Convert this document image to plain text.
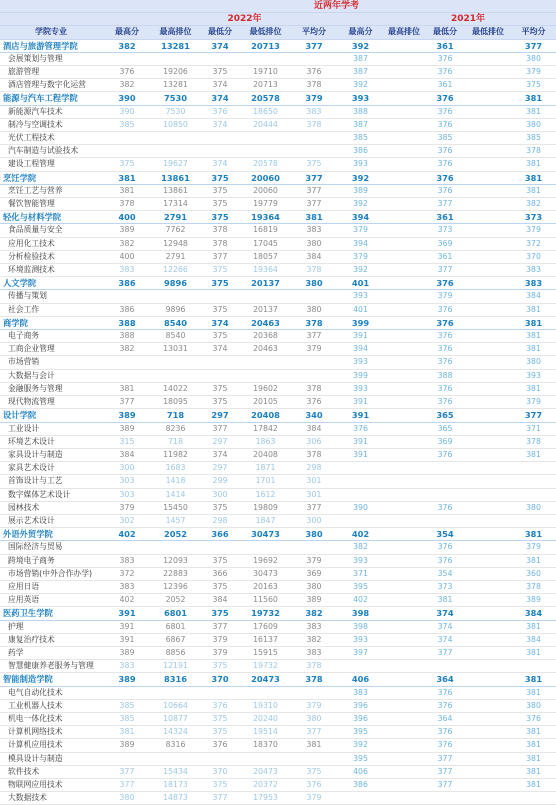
					近两年学考					
			2022年					2021年		
学院专业	最高分	最高排位	最低分	最低排位	平均分	最高分	最高排位	最低分	最低排位	平均分
酒店与旅游管理学院	382	13281	374	20713	377	392		361		377
会展策划与管理						387		376		380
旅游管理	376	19206	375	19710	376	387		376		379
酒店管理与数字化运营	382	13281	374	20713	378	392		361		375
能源与汽车工程学院	390	7530	374	20578	379	393		376		381
新能源汽车技术	390	7530	376	18650	383	388		376		381
制冷与空调技术	385	10850	374	20444	378	387		376		380
光伏工程技术						385		385		385
汽车制造与试验技术						386		376		378
建设工程管理	375	19627	374	20578	375	393		376		381
烹饪学院	381	13861	375	20060	377	392		376		381
烹饪工艺与营养	381	13861	375	20060	377	389		376		381
餐饮智能管理	378	17314	375	19779	377	392		377		382
轻化与材料学院	400	2791	375	19364	381	394		361		373
食品质量与安全	389	7762	378	16819	383	379		373		379
应用化工技术	382	12948	378	17045	380	394		369		372
分析检验技术	400	2791	377	18057	384	379		361		370
环境监测技术	383	12266	375	19364	378	392		377		383
人文学院	386	9896	375	20137	380	401		376		383
传播与策划						393		379		384
社会工作	386	9896	375	20137	380	401		376		381
商学院	388	8540	374	20463	378	399		376		381
电子商务	388	8540	375	20368	377	391		376		381
工商企业管理	382	13031	374	20463	379	394		376		381
市场营销						393		376		380
大数据与会计						399		388		393
金融服务与管理	381	14022	375	19602	378	393		376		381
现代物流管理	377	18095	375	20105	376	391		376		379
设计学院	389	718	297	20408	340	391		365		377
工业设计	389	8236	377	17842	384	376		365		371
环境艺术设计	315	718	297	1863	306	391		369		378
家具设计与制造	384	11982	374	20408	378	391		376		381
家具艺术设计	300	1683	297	1871	298					
首饰设计与工艺	303	1418	299	1701	301					
数字媒体艺术设计	303	1414	300	1612	301					
园林技术	379	15450	375	19809	377	390		376		380
展示艺术设计	302	1457	298	1847	300					
外语外贸学院	402	2052	366	30473	380	402		354		381
国际经济与贸易						382		376		379
跨境电子商务	383	12093	375	19692	379	393		376		381
市场营销(中外合作办学)	372	22883	366	30473	369	371		354		360
应用日语	383	12396	375	20163	380	395		373		378
应用英语	402	2052	384	11560	389	402		381		389
医药卫生学院	391	6801	375	19732	382	398		374		384
护理	391	6801	377	17609	383	398		374		381
康复治疗技术	391	6867	379	16137	382	393		374		384
药学	389	8856	379	15915	383	397		377		381
智慧健康养老服务与管理	383	12191	375	19732	378					
智能制造学院	389	8316	370	20473	378	406		364		381
电气自动化技术						383		376		381
工业机器人技术	385	10664	376	19310	379	396		376		380
机电一体化技术	385	10877	375	20240	380	396		364		376
计算机网络技术	381	14324	375	19514	377	395		376		381
计算机应用技术	389	8316	376	18370	381	392		376		381
模具设计与制造						395		377		381
软件技术	377	15434	370	20473	375	406		377		381
物联网应用技术	377	18173	375	20372	376	386		377		381
大数据技术	380	14873	377	17953	379					
